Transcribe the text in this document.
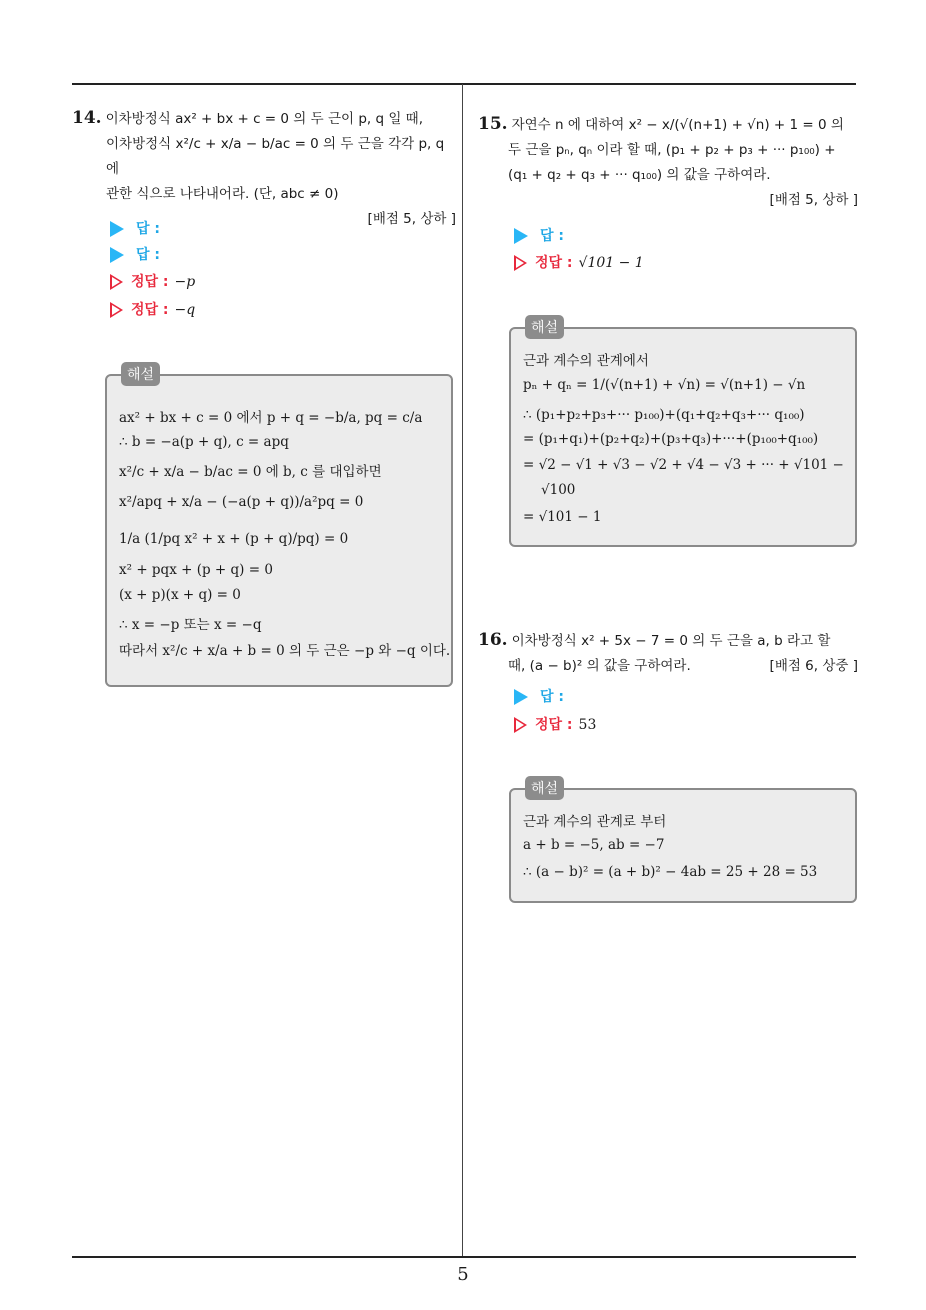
5
14. 이차방정식 ax² + bx + c = 0 의 두 근이 p, q 일 때,
이차방정식 x²/c + x/a − b/ac = 0 의 두 근을 각각 p, q 에
관한 식으로 나타내어라. (단, abc ≠ 0)
[배점 5, 상하 ]
답 :
답 :
정답 : −p
정답 : −q
해설
ax² + bx + c = 0 에서 p + q = −b/a, pq = c/a
∴ b = −a(p + q), c = apq
x²/c + x/a − b/ac = 0 에 b, c 를 대입하면
x²/apq + x/a − (−a(p + q))/a²pq = 0
1/a (1/pq x² + x + (p + q)/pq) = 0
x² + pqx + (p + q) = 0
(x + p)(x + q) = 0
∴ x = −p 또는 x = −q
따라서 x²/c + x/a + b = 0 의 두 근은 −p 와 −q 이다.
15. 자연수 n 에 대하여 x² − x/(√(n+1) + √n) + 1 = 0 의
두 근을 pₙ, qₙ 이라 할 때, (p₁ + p₂ + p₃ + ··· p₁₀₀) +
(q₁ + q₂ + q₃ + ··· q₁₀₀) 의 값을 구하여라.
[배점 5, 상하 ]
답 :
정답 : √101 − 1
해설
근과 계수의 관계에서
pₙ + qₙ = 1/(√(n+1) + √n) = √(n+1) − √n
∴ (p₁+p₂+p₃+··· p₁₀₀)+(q₁+q₂+q₃+··· q₁₀₀)
= (p₁+q₁)+(p₂+q₂)+(p₃+q₃)+···+(p₁₀₀+q₁₀₀)
= √2 − √1 + √3 − √2 + √4 − √3 + ··· + √101 −
√100
= √101 − 1
16. 이차방정식 x² + 5x − 7 = 0 의 두 근을 a, b 라고 할
때, (a − b)² 의 값을 구하여라.	[배점 6, 상중 ]
답 :
정답 : 53
해설
근과 계수의 관계로 부터
a + b = −5, ab = −7
∴ (a − b)² = (a + b)² − 4ab = 25 + 28 = 53
